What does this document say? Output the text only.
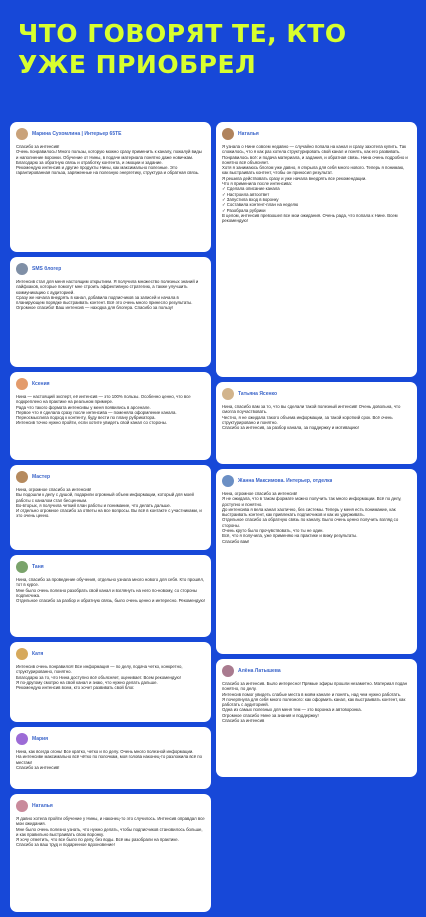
ЧТО ГОВОРЯТ ТЕ, КТО УЖЕ ПРИОБРЕЛ
Марина Сухомлина | Интерьер 65ТЕ
Спасибо за интенсив!
Очень понравилось! Много пользы, которую можно сразу применить к каналу, пожалуй виды и наполнение воронки. Обучение от Нины, в подаче материала понятно даже новичкам. Благодарю за обратную связь и отработку контента, и эмоции и задание.
Рекомендую интенсив и другие продукты Нины, как максимально полезные. Это гарантированная польза, заряженные на полезную энергетику, структура и обратная связь.
SMS блогер
Интенсив стал для меня настоящим открытием. Я получила множество полезных знаний и лайфхаков, которые помогут мне строить эффективную стратегию, а также улучшить коммуникацию с аудиторией.
Сразу же начала внедрять в канал, добавила подписчиков за записей и начала в планирующем порядке выстраивать контент. Всё это очень много принесло результаты.
Огромное спасибо! Ваш интенсив — находка для блогера. Спасибо за пользу!
Ксения
Нина — настоящий эксперт, её интенсив — это 100% пользы. Особенно ценно, что все подкреплено на практике на реальном примере.
Рада что такого формата интенсивы у меня появились в арсенале.
Первое что я сделала сразу после интенсива — поменяла оформление канала.
Переосмыслила подход к контенту, буду вести по плану рубрикатора.
Интенсив точно нужно пройти, если хотите увидеть свой канал со стороны.
Мастер
Нина, огромное спасибо за интенсив!
Вы подошли к делу с душой, подарили огромный объем информации, который для моей работы с каналом стал бесценным.
Во-вторых, я получила четкий план работы и понимание, что делать дальше.
И отдельно огромное спасибо за ответы на все вопросы. Вы всё в контакте с участниками, и это очень ценно.
Таня
Нина, спасибо за проведение обучения, отдельно узнала много нового для себя. Кто прошёл, тот в курсе.
Мне было очень полезно разобрать свой канал и взглянуть на него по-новому, со стороны подписчика.
Отдельное спасибо за разбор и обратную связь, было очень ценно и интересно. Рекомендую!
Катя
Интенсив очень понравился! Все информация — по делу, подача четко, конкретно, структурированно, понятно.
Благодарю за то, что Нина доступно всё объясняет, оценивает. Всем рекомендую!
Я по-другому смотрю на свой канал и знаю, что нужно делать дальше.
Рекомендую интенсив всем, кто хочет развивать свой блог.
Мария
Нина, как всегда огонь! Все кратко, четко и по делу. Очень много полезной информации.
На интенсиве максимально всё чётко по полочкам, моя голова наконец-то разложила всё по местам!
Спасибо за интенсив!
Наталья
Я давно хотела пройти обучение у Нины, и наконец-то это случилось. Интенсив оправдал все мои ожидания.
Мне было очень полезно узнать, что нужно делать, чтобы подписчиков становилось больше, и как правильно выстраивать свою воронку.
Я хочу отметить, что все было по делу, без воды. Всё мы разобрали на практике.
Спасибо за ваш труд и подаренное вдохновение!
Наталья
Я узнала о Нине совсем недавно — случайно попала на канал и сразу захотела купить. Так сложилось, что я как раз хотела структурировать свой канал и понять, как его развивать.
Понравилось всё: и подача материала, и задания, и обратная связь. Нина очень подробно и понятно всё объясняет.
Хотя я занимаюсь блогом уже давно, я открыла для себя много нового. Теперь я понимаю, как выстраивать контент, чтобы он приносил результат.
Я решила действовать сразу и уже начала внедрять все рекомендации.
Что я применила после интенсива:
✓ Сделала описание канала
✓ Настроила автоответ
✓ Запустила вход в воронку
✓ Составила контент-план на неделю
✓ Разобрала рубрики
В целом, интенсив превзошел все мои ожидания. Очень рада, что попала к Нине. Всем рекомендую!
Татьяна Ясенко
Нина, спасибо вам за то, что вы сделали такой полезный интенсив! Очень довольна, что смогла поучаствовать.
Честно, я не ожидала такого объема информации, за такой короткий срок. Всё очень структурировано и понятно.
Спасибо за интенсив, за разбор канала, за поддержку и мотивацию!
Жанна Максимова. Интерьер, отделка
Нина, огромное спасибо за интенсив!
Я не ожидала, что в таком формате можно получить так много информации. Всё по делу, доступно и понятно.
До интенсива я вела канал хаотично, без системы. Теперь у меня есть понимание, как выстраивать контент, как привлекать подписчиков и как их удерживать.
Отдельное спасибо за обратную связь по каналу. Было очень ценно получить взгляд со стороны.
Очень круто было прочувствовать, что ты не один.
Всё, что я получила, уже применяю на практике и вижу результаты.
Спасибо вам!
Алёна Латышева
Спасибо за интенсив. Было интересно! Прямые эфиры прошли незаметно. Материал подан понятно, по делу.
Интенсив помог увидеть слабые места в моём канале и понять, над чем нужно работать.
Я почерпнула для себя много полезного: как оформить канал, как выстраивать контент, как работать с аудиторией.
Одна из самых полезных для меня тем — это воронка и автоворонка.
Огромное спасибо Нине за знания и поддержку!
Спасибо за интенсив
